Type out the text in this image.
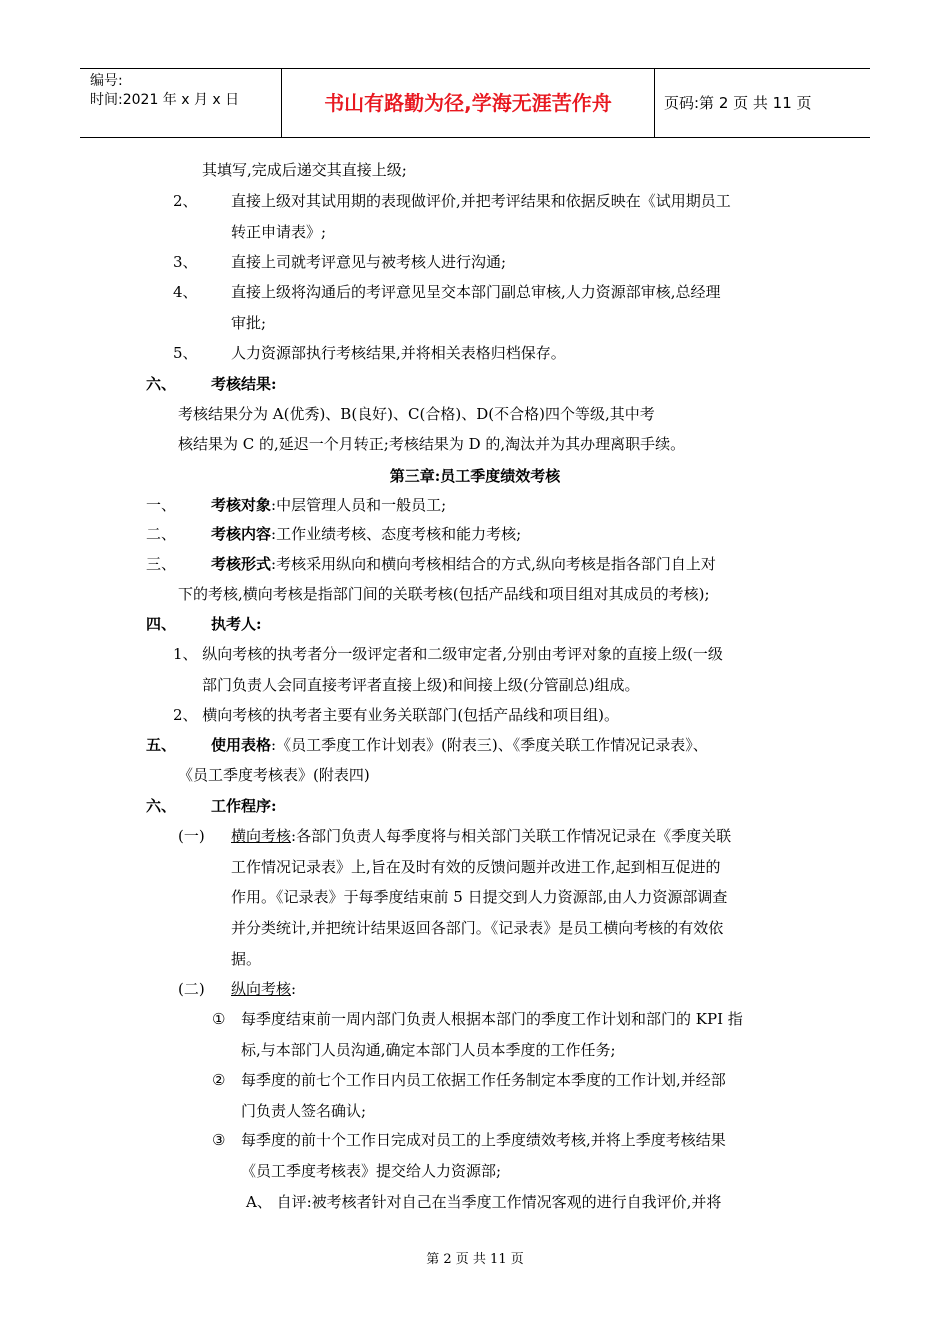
编号:
时间:2021 年 x 月 x 日	书山有路勤为径,学海无涯苦作舟	页码:第 2 页 共 11 页
其填写,完成后递交其直接上级;
2、 直接上级对其试用期的表现做评价,并把考评结果和依据反映在《试用期员工
转正申请表》;
3、 直接上司就考评意见与被考核人进行沟通;
4、 直接上级将沟通后的考评意见呈交本部门副总审核,人力资源部审核,总经理
审批;
5、 人力资源部执行考核结果,并将相关表格归档保存。
六、 考核结果:
考核结果分为 A(优秀)、B(良好)、C(合格)、D(不合格)四个等级,其中考
核结果为 C 的,延迟一个月转正;考核结果为 D 的,淘汰并为其办理离职手续。
第三章:员工季度绩效考核
一、 考核对象:中层管理人员和一般员工;
二、 考核内容:工作业绩考核、态度考核和能力考核;
三、 考核形式:考核采用纵向和横向考核相结合的方式,纵向考核是指各部门自上对
下的考核,横向考核是指部门间的关联考核(包括产品线和项目组对其成员的考核);
四、 执考人:
1、 纵向考核的执考者分一级评定者和二级审定者,分别由考评对象的直接上级(一级
部门负责人会同直接考评者直接上级)和间接上级(分管副总)组成。
2、 横向考核的执考者主要有业务关联部门(包括产品线和项目组)。
五、 使用表格:《员工季度工作计划表》(附表三)、《季度关联工作情况记录表》、
《员工季度考核表》(附表四)
六、 工作程序:
(一) 横向考核:各部门负责人每季度将与相关部门关联工作情况记录在《季度关联
工作情况记录表》上,旨在及时有效的反馈问题并改进工作,起到相互促进的
作用。《记录表》于每季度结束前 5 日提交到人力资源部,由人力资源部调查
并分类统计,并把统计结果返回各部门。《记录表》是员工横向考核的有效依
据。
(二) 纵向考核:
① 每季度结束前一周内部门负责人根据本部门的季度工作计划和部门的 KPI 指
标,与本部门人员沟通,确定本部门人员本季度的工作任务;
② 每季度的前七个工作日内员工依据工作任务制定本季度的工作计划,并经部
门负责人签名确认;
③ 每季度的前十个工作日完成对员工的上季度绩效考核,并将上季度考核结果
《员工季度考核表》提交给人力资源部;
A、 自评:被考核者针对自己在当季度工作情况客观的进行自我评价,并将
第 2 页 共 11 页
